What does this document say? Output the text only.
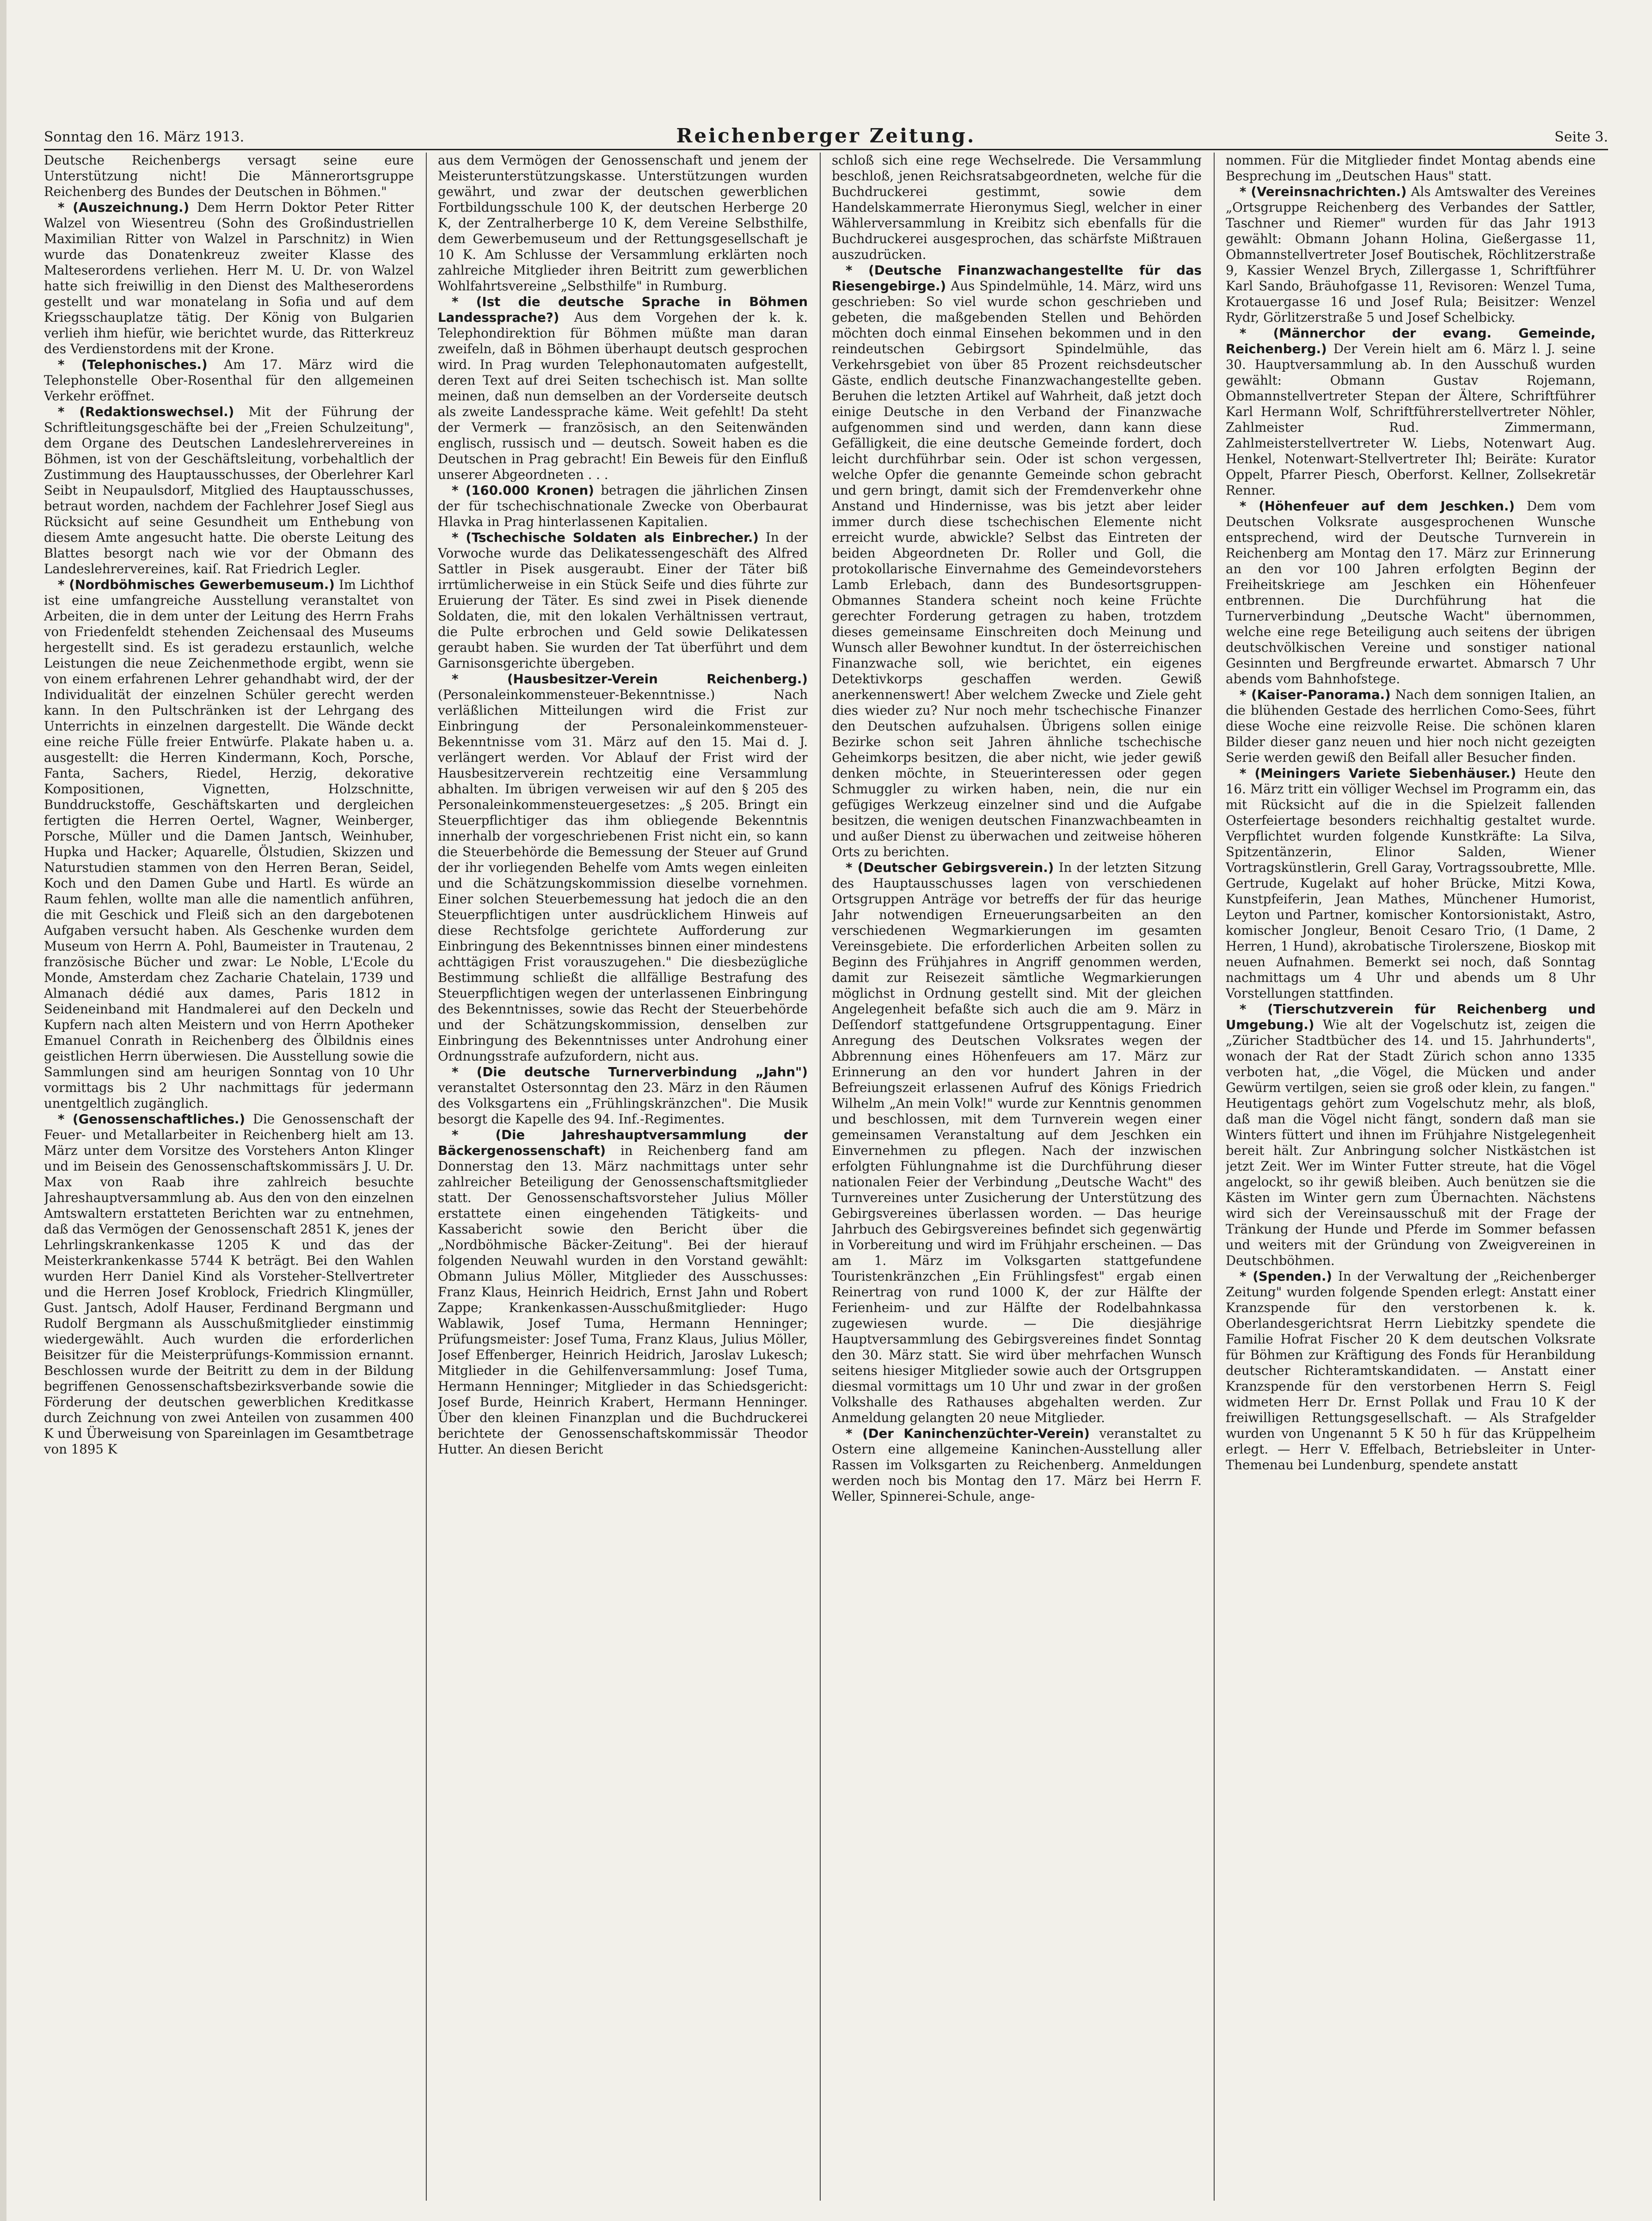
Sonntag den 16. März 1913.	Reichenberger Zeitung.	Seite 3.

Deutsche Reichenbergs versagt seine eure Unterstützung nicht! Die Männerortsgruppe Reichenberg des Bundes der Deutschen in Böhmen."

* (Auszeichnung.) Dem Herrn Doktor Peter Ritter Walzel von Wiesentreu (Sohn des Großindustriellen Maximilian Ritter von Walzel in Parschnitz) in Wien wurde das Donatenkreuz zweiter Klasse des Malteserordens verliehen. Herr M. U. Dr. von Walzel hatte sich freiwillig in den Dienst des Maltheserordens gestellt und war monatelang in Sofia und auf dem Kriegsschauplatze tätig. Der König von Bulgarien verlieh ihm hiefür, wie berichtet wurde, das Ritterkreuz des Verdienstordens mit der Krone.

* (Telephonisches.) Am 17. März wird die Telephonstelle Ober-Rosenthal für den allgemeinen Verkehr eröffnet.

* (Redaktionswechsel.) Mit der Führung der Schriftleitungsgeschäfte bei der „Freien Schulzeitung", dem Organe des Deutschen Landeslehrervereines in Böhmen, ist von der Geschäftsleitung, vorbehaltlich der Zustimmung des Hauptausschusses, der Oberlehrer Karl Seibt in Neupaulsdorf, Mitglied des Hauptausschusses, betraut worden, nachdem der Fachlehrer Josef Siegl aus Rücksicht auf seine Gesundheit um Enthebung von diesem Amte angesucht hatte. Die oberste Leitung des Blattes besorgt nach wie vor der Obmann des Landeslehrervereines, kaiſ. Rat Friedrich Legler.

* (Nordböhmisches Gewerbemuseum.) Im Lichthof ist eine umfangreiche Ausstellung veranstaltet von Arbeiten, die in dem unter der Leitung des Herrn Frahs von Friedenfeldt stehenden Zeichensaal des Museums hergestellt sind. Es ist geradezu erstaunlich, welche Leistungen die neue Zeichenmethode ergibt, wenn sie von einem erfahrenen Lehrer gehandhabt wird, der der Individualität der einzelnen Schüler gerecht werden kann. In den Pultschränken ist der Lehrgang des Unterrichts in einzelnen dargestellt. Die Wände deckt eine reiche Fülle freier Entwürfe. Plakate haben u. a. ausgestellt: die Herren Kindermann, Koch, Porsche, Fanta, Sachers, Riedel, Herzig, dekorative Kompositionen, Vignetten, Holzschnitte, Bunddruckstoffe, Geschäftskarten und dergleichen fertigten die Herren Oertel, Wagner, Weinberger, Porsche, Müller und die Damen Jantsch, Weinhuber, Hupka und Hacker; Aquarelle, Ölstudien, Skizzen und Naturstudien stammen von den Herren Beran, Seidel, Koch und den Damen Gube und Hartl. Es würde an Raum fehlen, wollte man alle die namentlich anführen, die mit Geschick und Fleiß sich an den dargebotenen Aufgaben versucht haben. Als Geschenke wurden dem Museum von Herrn A. Pohl, Baumeister in Trautenau, 2 französische Bücher und zwar: Le Noble, L'Ecole du Monde, Amsterdam chez Zacharie Chatelain, 1739 und Almanach dédié aux dames, Paris 1812 in Seideneinband mit Handmalerei auf den Deckeln und Kupfern nach alten Meistern und von Herrn Apotheker Emanuel Conrath in Reichenberg des Ölbildnis eines geistlichen Herrn überwiesen. Die Ausstellung sowie die Sammlungen sind am heurigen Sonntag von 10 Uhr vormittags bis 2 Uhr nachmittags für jedermann unentgeltlich zugänglich.

* (Genossenschaftliches.) Die Genossenschaft der Feuer- und Metallarbeiter in Reichenberg hielt am 13. März unter dem Vorsitze des Vorstehers Anton Klinger und im Beisein des Genossenschaftskommissärs J. U. Dr. Max von Raab ihre zahlreich besuchte Jahreshauptversammlung ab. Aus den von den einzelnen Amtswaltern erstatteten Berichten war zu entnehmen, daß das Vermögen der Genossenschaft 2851 K, jenes der Lehrlingskrankenkasse 1205 K und das der Meisterkrankenkasse 5744 K beträgt. Bei den Wahlen wurden Herr Daniel Kind als Vorsteher-Stellvertreter und die Herren Josef Kroblock, Friedrich Klingmüller, Gust. Jantsch, Adolf Hauser, Ferdinand Bergmann und Rudolf Bergmann als Ausschußmitglieder einstimmig wiedergewählt. Auch wurden die erforderlichen Beisitzer für die Meisterprüfungs-Kommission ernannt. Beschlossen wurde der Beitritt zu dem in der Bildung begriffenen Genossenschaftsbezirksverbande sowie die Förderung der deutschen gewerblichen Kreditkasse durch Zeichnung von zwei Anteilen von zusammen 400 K und Überweisung von Spareinlagen im Gesamtbetrage von 1895 K

aus dem Vermögen der Genossenschaft und jenem der Meisterunterstützungskasse. Unterstützungen wurden gewährt, und zwar der deutschen gewerblichen Fortbildungsschule 100 K, der deutschen Herberge 20 K, der Zentralherberge 10 K, dem Vereine Selbsthilfe, dem Gewerbemuseum und der Rettungsgesellschaft je 10 K. Am Schlusse der Versammlung erklärten noch zahlreiche Mitglieder ihren Beitritt zum gewerblichen Wohlfahrtsvereine „Selbsthilfe" in Rumburg.

* (Ist die deutsche Sprache in Böhmen Landessprache?) Aus dem Vorgehen der k. k. Telephondirektion für Böhmen müßte man daran zweifeln, daß in Böhmen überhaupt deutsch gesprochen wird. In Prag wurden Telephonautomaten aufgestellt, deren Text auf drei Seiten tschechisch ist. Man sollte meinen, daß nun demselben an der Vorderseite deutsch als zweite Landessprache käme. Weit gefehlt! Da steht der Vermerk — französisch, an den Seitenwänden englisch, russisch und — deutsch. Soweit haben es die Deutschen in Prag gebracht! Ein Beweis für den Einfluß unserer Abgeordneten . . .

* (160.000 Kronen) betragen die jährlichen Zinsen der für tschechischnationale Zwecke von Oberbaurat Hlavka in Prag hinterlassenen Kapitalien.

* (Tschechische Soldaten als Einbrecher.) In der Vorwoche wurde das Delikatessengeschäft des Alfred Sattler in Pisek ausgeraubt. Einer der Täter biß irrtümlicherweise in ein Stück Seife und dies führte zur Eruierung der Täter. Es sind zwei in Pisek dienende Soldaten, die, mit den lokalen Verhältnissen vertraut, die Pulte erbrochen und Geld sowie Delikatessen geraubt haben. Sie wurden der Tat überführt und dem Garnisonsgerichte übergeben.

* (Hausbesitzer-Verein Reichenberg.) (Personaleinkommensteuer-Bekenntnisse.) Nach verläßlichen Mitteilungen wird die Frist zur Einbringung der Personaleinkommensteuer-Bekenntnisse vom 31. März auf den 15. Mai d. J. verlängert werden. Vor Ablauf der Frist wird der Hausbesitzerverein rechtzeitig eine Versammlung abhalten. Im übrigen verweisen wir auf den § 205 des Personaleinkommensteuergesetzes: „§ 205. Bringt ein Steuerpflichtiger das ihm obliegende Bekenntnis innerhalb der vorgeschriebenen Frist nicht ein, so kann die Steuerbehörde die Bemessung der Steuer auf Grund der ihr vorliegenden Behelfe vom Amts wegen einleiten und die Schätzungskommission dieselbe vornehmen. Einer solchen Steuerbemessung hat jedoch die an den Steuerpflichtigen unter ausdrücklichem Hinweis auf diese Rechtsfolge gerichtete Aufforderung zur Einbringung des Bekenntnisses binnen einer mindestens achttägigen Frist vorauszugehen." Die diesbezügliche Bestimmung schließt die allfällige Bestrafung des Steuerpflichtigen wegen der unterlassenen Einbringung des Bekenntnisses, sowie das Recht der Steuerbehörde und der Schätzungskommission, denselben zur Einbringung des Bekenntnisses unter Androhung einer Ordnungsstrafe aufzufordern, nicht aus.

* (Die deutsche Turnerverbindung „Jahn") veranstaltet Ostersonntag den 23. März in den Räumen des Volksgartens ein „Frühlingskränzchen". Die Musik besorgt die Kapelle des 94. Inf.-Regimentes.

* (Die Jahreshauptversammlung der Bäckergenossenschaft) in Reichenberg fand am Donnerstag den 13. März nachmittags unter sehr zahlreicher Beteiligung der Genossenschaftsmitglieder statt. Der Genossenschaftsvorsteher Julius Möller erstattete einen eingehenden Tätigkeits- und Kassabericht sowie den Bericht über die „Nordböhmische Bäcker-Zeitung". Bei der hierauf folgenden Neuwahl wurden in den Vorstand gewählt: Obmann Julius Möller, Mitglieder des Ausschusses: Franz Klaus, Heinrich Heidrich, Ernst Jahn und Robert Zappe; Krankenkassen-Ausschußmitglieder: Hugo Wablawik, Josef Tuma, Hermann Henninger; Prüfungsmeister: Josef Tuma, Franz Klaus, Julius Möller, Josef Effenberger, Heinrich Heidrich, Jaroslav Lukesch; Mitglieder in die Gehilfenversammlung: Josef Tuma, Hermann Henninger; Mitglieder in das Schiedsgericht: Josef Burde, Heinrich Krabert, Hermann Henninger. Über den kleinen Finanzplan und die Buchdruckerei berichtete der Genossenschaftskommissär Theodor Hutter. An diesen Bericht

schloß sich eine rege Wechselrede. Die Versammlung beschloß, jenen Reichsratsabgeordneten, welche für die Buchdruckerei gestimmt, sowie dem Handelskammerrate Hieronymus Siegl, welcher in einer Wählerversammlung in Kreibitz sich ebenfalls für die Buchdruckerei ausgesprochen, das schärfste Mißtrauen auszudrücken.

* (Deutsche Finanzwachangestellte für das Riesengebirge.) Aus Spindelmühle, 14. März, wird uns geschrieben: So viel wurde schon geschrieben und gebeten, die maßgebenden Stellen und Behörden möchten doch einmal Einsehen bekommen und in den reindeutschen Gebirgsort Spindelmühle, das Verkehrsgebiet von über 85 Prozent reichsdeutscher Gäste, endlich deutsche Finanzwachangestellte geben. Beruhen die letzten Artikel auf Wahrheit, daß jetzt doch einige Deutsche in den Verband der Finanzwache aufgenommen sind und werden, dann kann diese Gefälligkeit, die eine deutsche Gemeinde fordert, doch leicht durchführbar sein. Oder ist schon vergessen, welche Opfer die genannte Gemeinde schon gebracht und gern bringt, damit sich der Fremdenverkehr ohne Anstand und Hindernisse, was bis jetzt aber leider immer durch diese tschechischen Elemente nicht erreicht wurde, abwickle? Selbst das Eintreten der beiden Abgeordneten Dr. Roller und Goll, die protokollarische Einvernahme des Gemeindevorstehers Lamb Erlebach, dann des Bundesortsgruppen-Obmannes Standera scheint noch keine Früchte gerechter Forderung getragen zu haben, trotzdem dieses gemeinsame Einschreiten doch Meinung und Wunsch aller Bewohner kundtut. In der österreichischen Finanzwache soll, wie berichtet, ein eigenes Detektivkorps geschaffen werden. Gewiß anerkennenswert! Aber welchem Zwecke und Ziele geht dies wieder zu? Nur noch mehr tschechische Finanzer den Deutschen aufzuhalsen. Übrigens sollen einige Bezirke schon seit Jahren ähnliche tschechische Geheimkorps besitzen, die aber nicht, wie jeder gewiß denken möchte, in Steuerinteressen oder gegen Schmuggler zu wirken haben, nein, die nur ein gefügiges Werkzeug einzelner sind und die Aufgabe besitzen, die wenigen deutschen Finanzwachbeamten in und außer Dienst zu überwachen und zeitweise höheren Orts zu berichten.

* (Deutscher Gebirgsverein.) In der letzten Sitzung des Hauptausschusses lagen von verschiedenen Ortsgruppen Anträge vor betreffs der für das heurige Jahr notwendigen Erneuerungsarbeiten an den verschiedenen Wegmarkierungen im gesamten Vereinsgebiete. Die erforderlichen Arbeiten sollen zu Beginn des Frühjahres in Angriff genommen werden, damit zur Reisezeit sämtliche Wegmarkierungen möglichst in Ordnung gestellt sind. Mit der gleichen Angelegenheit befaßte sich auch die am 9. März in Deſſendorf stattgefundene Ortsgruppentagung. Einer Anregung des Deutschen Volksrates wegen der Abbrennung eines Höhenfeuers am 17. März zur Erinnerung an den vor hundert Jahren in der Befreiungszeit erlassenen Aufruf des Königs Friedrich Wilhelm „An mein Volk!" wurde zur Kenntnis genommen und beschlossen, mit dem Turnverein wegen einer gemeinsamen Veranstaltung auf dem Jeschken ein Einvernehmen zu pflegen. Nach der inzwischen erfolgten Fühlungnahme ist die Durchführung dieser nationalen Feier der Verbindung „Deutsche Wacht" des Turnvereines unter Zusicherung der Unterstützung des Gebirgsvereines überlassen worden. — Das heurige Jahrbuch des Gebirgsvereines befindet sich gegenwärtig in Vorbereitung und wird im Frühjahr erscheinen. — Das am 1. März im Volksgarten stattgefundene Touristenkränzchen „Ein Frühlingsfest" ergab einen Reinertrag von rund 1000 K, der zur Hälfte der Ferienheim- und zur Hälfte der Rodelbahnkassa zugewiesen wurde. — Die diesjährige Hauptversammlung des Gebirgsvereines findet Sonntag den 30. März statt. Sie wird über mehrfachen Wunsch seitens hiesiger Mitglieder sowie auch der Ortsgruppen diesmal vormittags um 10 Uhr und zwar in der großen Volkshalle des Rathauses abgehalten werden. Zur Anmeldung gelangten 20 neue Mitglieder.

* (Der Kaninchenzüchter-Verein) veranstaltet zu Ostern eine allgemeine Kaninchen-Ausstellung aller Rassen im Volksgarten zu Reichenberg. Anmeldungen werden noch bis Montag den 17. März bei Herrn F. Weller, Spinnerei-Schule, ange-

nommen. Für die Mitglieder findet Montag abends eine Besprechung im „Deutschen Haus" statt.

* (Vereinsnachrichten.) Als Amtswalter des Vereines „Ortsgruppe Reichenberg des Verbandes der Sattler, Taschner und Riemer" wurden für das Jahr 1913 gewählt: Obmann Johann Holina, Gießergasse 11, Obmannstellvertreter Josef Boutischek, Röchlitzerstraße 9, Kassier Wenzel Brych, Zillergasse 1, Schriftführer Karl Sando, Bräuhofgasse 11, Revisoren: Wenzel Tuma, Krotauergasse 16 und Josef Rula; Beisitzer: Wenzel Rydr, Görlitzerstraße 5 und Josef Schelbicky.

* (Männerchor der evang. Gemeinde, Reichenberg.) Der Verein hielt am 6. März l. J. seine 30. Hauptversammlung ab. In den Ausschuß wurden gewählt: Obmann Gustav Rojemann, Obmannstellvertreter Stepan der Ältere, Schriftführer Karl Hermann Wolf, Schriftführerstellvertreter Nöhler, Zahlmeister Rud. Zimmermann, Zahlmeisterstellvertreter W. Liebs, Notenwart Aug. Henkel, Notenwart-Stellvertreter Ihl; Beiräte: Kurator Oppelt, Pfarrer Piesch, Oberforst. Kellner, Zollsekretär Renner.

* (Höhenfeuer auf dem Jeschken.) Dem vom Deutschen Volksrate ausgesprochenen Wunsche entsprechend, wird der Deutsche Turnverein in Reichenberg am Montag den 17. März zur Erinnerung an den vor 100 Jahren erfolgten Beginn der Freiheitskriege am Jeschken ein Höhenfeuer entbrennen. Die Durchführung hat die Turnerverbindung „Deutsche Wacht" übernommen, welche eine rege Beteiligung auch seitens der übrigen deutschvölkischen Vereine und sonstiger national Gesinnten und Bergfreunde erwartet. Abmarsch 7 Uhr abends vom Bahnhofstege.

* (Kaiser-Panorama.) Nach dem sonnigen Italien, an die blühenden Gestade des herrlichen Como-Sees, führt diese Woche eine reizvolle Reise. Die schönen klaren Bilder dieser ganz neuen und hier noch nicht gezeigten Serie werden gewiß den Beifall aller Besucher finden.

* (Meiningers Variete Siebenhäuser.) Heute den 16. März tritt ein völliger Wechsel im Programm ein, das mit Rücksicht auf die in die Spielzeit fallenden Osterfeiertage besonders reichhaltig gestaltet wurde. Verpflichtet wurden folgende Kunstkräfte: La Silva, Spitzentänzerin, Elinor Salden, Wiener Vortragskünstlerin, Grell Garay, Vortragssoubrette, Mlle. Gertrude, Kugelakt auf hoher Brücke, Mitzi Kowa, Kunstpfeiferin, Jean Mathes, Münchener Humorist, Leyton und Partner, komischer Kontorsionistakt, Astro, komischer Jongleur, Benoit Cesaro Trio, (1 Dame, 2 Herren, 1 Hund), akrobatische Tirolerszene, Bioskop mit neuen Aufnahmen. Bemerkt sei noch, daß Sonntag nachmittags um 4 Uhr und abends um 8 Uhr Vorstellungen stattfinden.

* (Tierschutzverein für Reichenberg und Umgebung.) Wie alt der Vogelschutz ist, zeigen die „Züricher Stadtbücher des 14. und 15. Jahrhunderts", wonach der Rat der Stadt Zürich schon anno 1335 verboten hat, „die Vögel, die Mücken und ander Gewürm vertilgen, seien sie groß oder klein, zu fangen." Heutigentags gehört zum Vogelschutz mehr, als bloß, daß man die Vögel nicht fängt, sondern daß man sie Winters füttert und ihnen im Frühjahre Nistgelegenheit bereit hält. Zur Anbringung solcher Nistkästchen ist jetzt Zeit. Wer im Winter Futter streute, hat die Vögel angelockt, so ihr gewiß bleiben. Auch benützen sie die Kästen im Winter gern zum Übernachten. Nächstens wird sich der Vereinsausschuß mit der Frage der Tränkung der Hunde und Pferde im Sommer befassen und weiters mit der Gründung von Zweigvereinen in Deutschböhmen.

* (Spenden.) In der Verwaltung der „Reichenberger Zeitung" wurden folgende Spenden erlegt: Anstatt einer Kranzspende für den verstorbenen k. k. Oberlandesgerichtsrat Herrn Liebitzky spendete die Familie Hofrat Fischer 20 K dem deutschen Volksrate für Böhmen zur Kräftigung des Fonds für Heranbildung deutscher Richteramtskandidaten. — Anstatt einer Kranzspende für den verstorbenen Herrn S. Feigl widmeten Herr Dr. Ernst Pollak und Frau 10 K der freiwilligen Rettungsgesellschaft. — Als Strafgelder wurden von Ungenannt 5 K 50 h für das Krüppelheim erlegt. — Herr V. Effelbach, Betriebsleiter in Unter-Themenau bei Lundenburg, spendete anstatt
